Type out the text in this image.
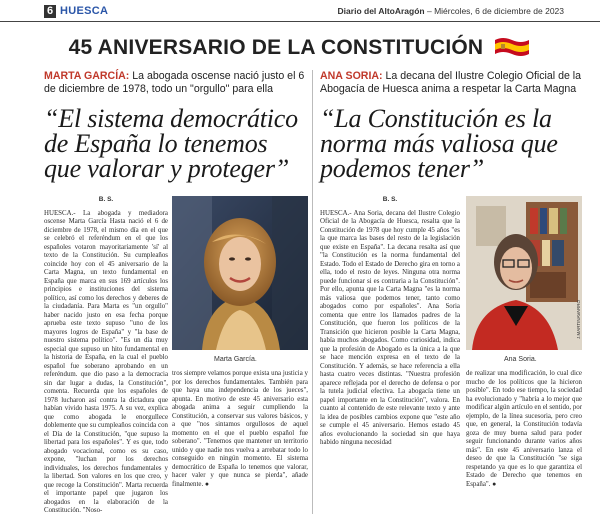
6 HUESCA	Diario del AltoAragón – Miércoles, 6 de diciembre de 2023
45 ANIVERSARIO DE LA CONSTITUCIÓN
MARTA GARCÍA: La abogada oscense nació justo el 6 de diciembre de 1978, todo un "orgullo" para ella
“El sistema democrático de España lo tenemos que valorar y proteger”
Marta García.
B. S.
HUESCA.- La abogada y mediadora oscense Marta García Hasta nació el 6 de diciembre de 1978, el mismo día en el que se celebró el referéndum en el que los españoles votaron mayoritariamente 'sí' al texto de la Constitución. Su cumpleaños coincide hoy con el 45 aniversario de la Carta Magna, un texto fundamental en España que marca en sus 169 artículos los principios e instituciones del sistema político, así como los derechos y deberes de la ciudadanía. Para Marta es "un orgullo" haber nacido justo en esa fecha porque aprueba este texto supuso "uno de los mayores logros de España" y "la base de nuestro sistema político". "Es un día muy especial que supuso un hito fundamental en la historia de España, en la cual el pueblo español fue soberano aprobando en un referéndum. que dio paso a la democracia sin dar lugar a dudas, la Constitución", comenta. Recuerda que los españoles de 1978 lucharon así contra la dictadura que habían vivido hasta 1975. A su vez, explica que como abogada le enorgullece doblemente que su cumpleaños coincida con el Día de la Constitución, "que supuso la libertad para los españoles". Y es que, todo abogado vocacional, como es su caso, expone, "luchan por los derechos individuales, los derechos fundamentales y la libertad. Son valores en los que creo, y que recoge la Constitución". Marta recuerda el importante papel que jugaron los abogados en la elaboración de la Constitución. "Noso-
tros siempre velamos porque exista una justicia y por los derechos fundamentales. También para que haya una independencia de los jueces", apunta. En motivo de este 45 aniversario esta abogada anima a seguir cumpliendo la Constitución, a conservar sus valores básicos, y a que "nos sintamos orgullosos de aquel momento en el que el pueblo español fue soberano". "Tenemos que mantener un territorio unido y que nadie nos vuelva a arrebatar todo lo conseguido en ningún momento. El sistema democrático de España lo tenemos que valorar, hacer valer y que nunca se pierda", añade finalmente. ●
ANA SORIA: La decana del Ilustre Colegio Oficial de la Abogacía de Huesca anima a respetar la Carta Magna
“La Constitución es la norma más valiosa que podemos tener”
Ana Soria.
J.MARTINAVARRO
B. S.
HUESCA.- Ana Soria, decana del Ilustre Colegio Oficial de la Abogacía de Huesca, resalta que la Constitución de 1978 que hoy cumple 45 años "es la que marca las bases del resto de la legislación que existe en España". La decana resalta así que "la Constitución es la norma fundamental del Estado. Todo el Estado de Derecho gira en torno a ella, todo el resto de leyes. Ninguna otra norma puede funcionar si es contraria a la Constitución". Por ello, apunta que la Carta Magna "es la norma más valiosa que podemos tener, tanto como abogados como por españoles". Ana Soria comenta que entre los llamados padres de la Constitución, que fueron los políticos de la Transición que hicieron posible la Carta Magna, había muchos abogados. Como curiosidad, indica que la profesión de Abogado es la única a la que se hace mención expresa en el texto de la Constitución. Y además, se hace referencia a ella hasta cuatro veces distintas. "Nuestra profesión aparece reflejada por el derecho de defensa o por la tutela judicial efectiva. La abogacía tiene un papel importante en la Constitución", valora. En cuanto al contenido de este relevante texto y ante la idea de posibles cambios expone que "este año se cumple el 45 aniversario. Hemos estado 45 años evolucionando la sociedad sin que haya habido ninguna necesidad
de realizar una modificación, lo cual dice mucho de los políticos que la hicieron posible". En todo ese tiempo, la sociedad ha evolucionado y "habría a lo mejor que modificar algún artículo en el sentido, por ejemplo, de la línea sucesoria, pero creo que, en general, la Constitución todavía goza de muy buena salud para poder seguir funcionando durante varios años más". En este 45 aniversario lanza el deseo de que la Constitución "se siga respetando ya que es lo que garantiza el Estado de Derecho que tenemos en España". ●
